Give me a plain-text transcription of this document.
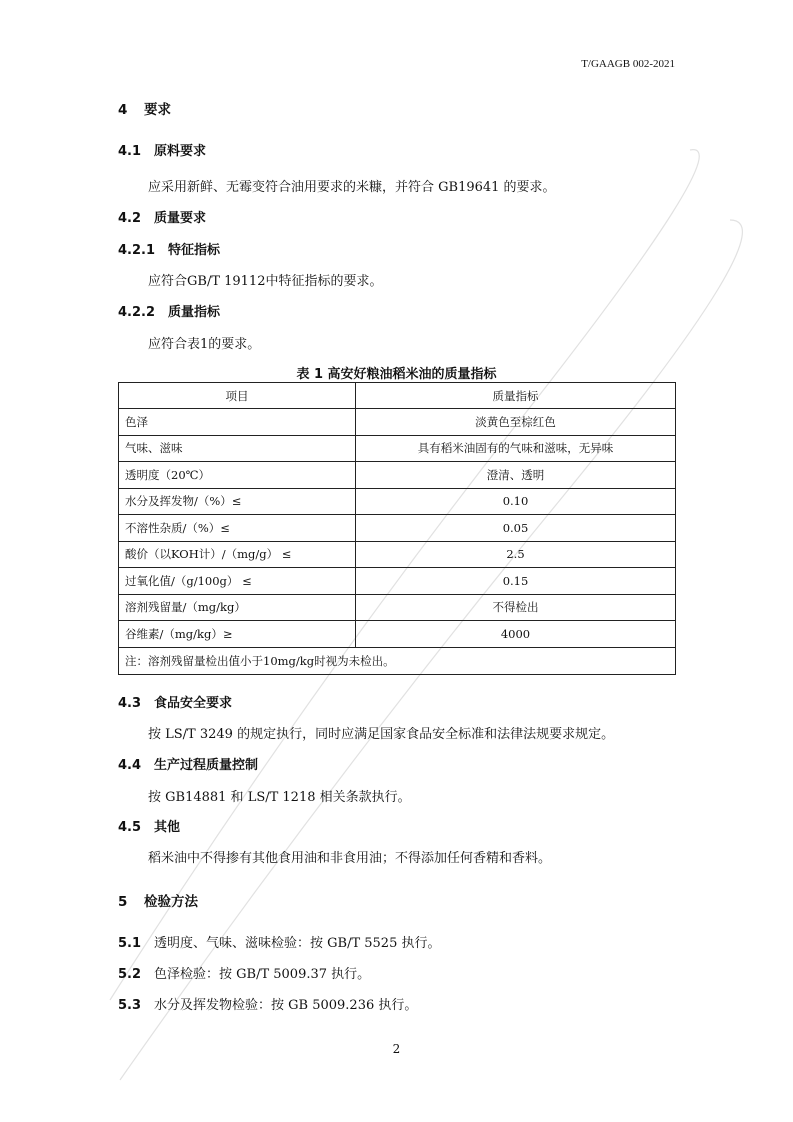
T/GAAGB 002-2021
4 要求
4.1 原料要求
应采用新鲜、无霉变符合油用要求的米糠，并符合 GB19641 的要求。
4.2 质量要求
4.2.1 特征指标
应符合GB/T 19112中特征指标的要求。
4.2.2 质量指标
应符合表1的要求。
表 1 高安好粮油稻米油的质量指标
项目	质量指标
色泽	淡黄色至棕红色
气味、滋味	具有稻米油固有的气味和滋味，无异味
透明度（20℃）	澄清、透明
水分及挥发物/（%）≤	0.10
不溶性杂质/（%）≤	0.05
酸价（以KOH计）/（mg/g） ≤	2.5
过氧化值/（g/100g） ≤	0.15
溶剂残留量/（mg/kg）	不得检出
谷维素/（mg/kg）≥	4000
注：溶剂残留量检出值小于10mg/kg时视为未检出。	
4.3 食品安全要求
按 LS/T 3249 的规定执行，同时应满足国家食品安全标准和法律法规要求规定。
4.4 生产过程质量控制
按 GB14881 和 LS/T 1218 相关条款执行。
4.5 其他
稻米油中不得掺有其他食用油和非食用油；不得添加任何香精和香料。
5 检验方法
5.1 透明度、气味、滋味检验：按 GB/T 5525 执行。
5.2 色泽检验：按 GB/T 5009.37 执行。
5.3 水分及挥发物检验：按 GB 5009.236 执行。
2
